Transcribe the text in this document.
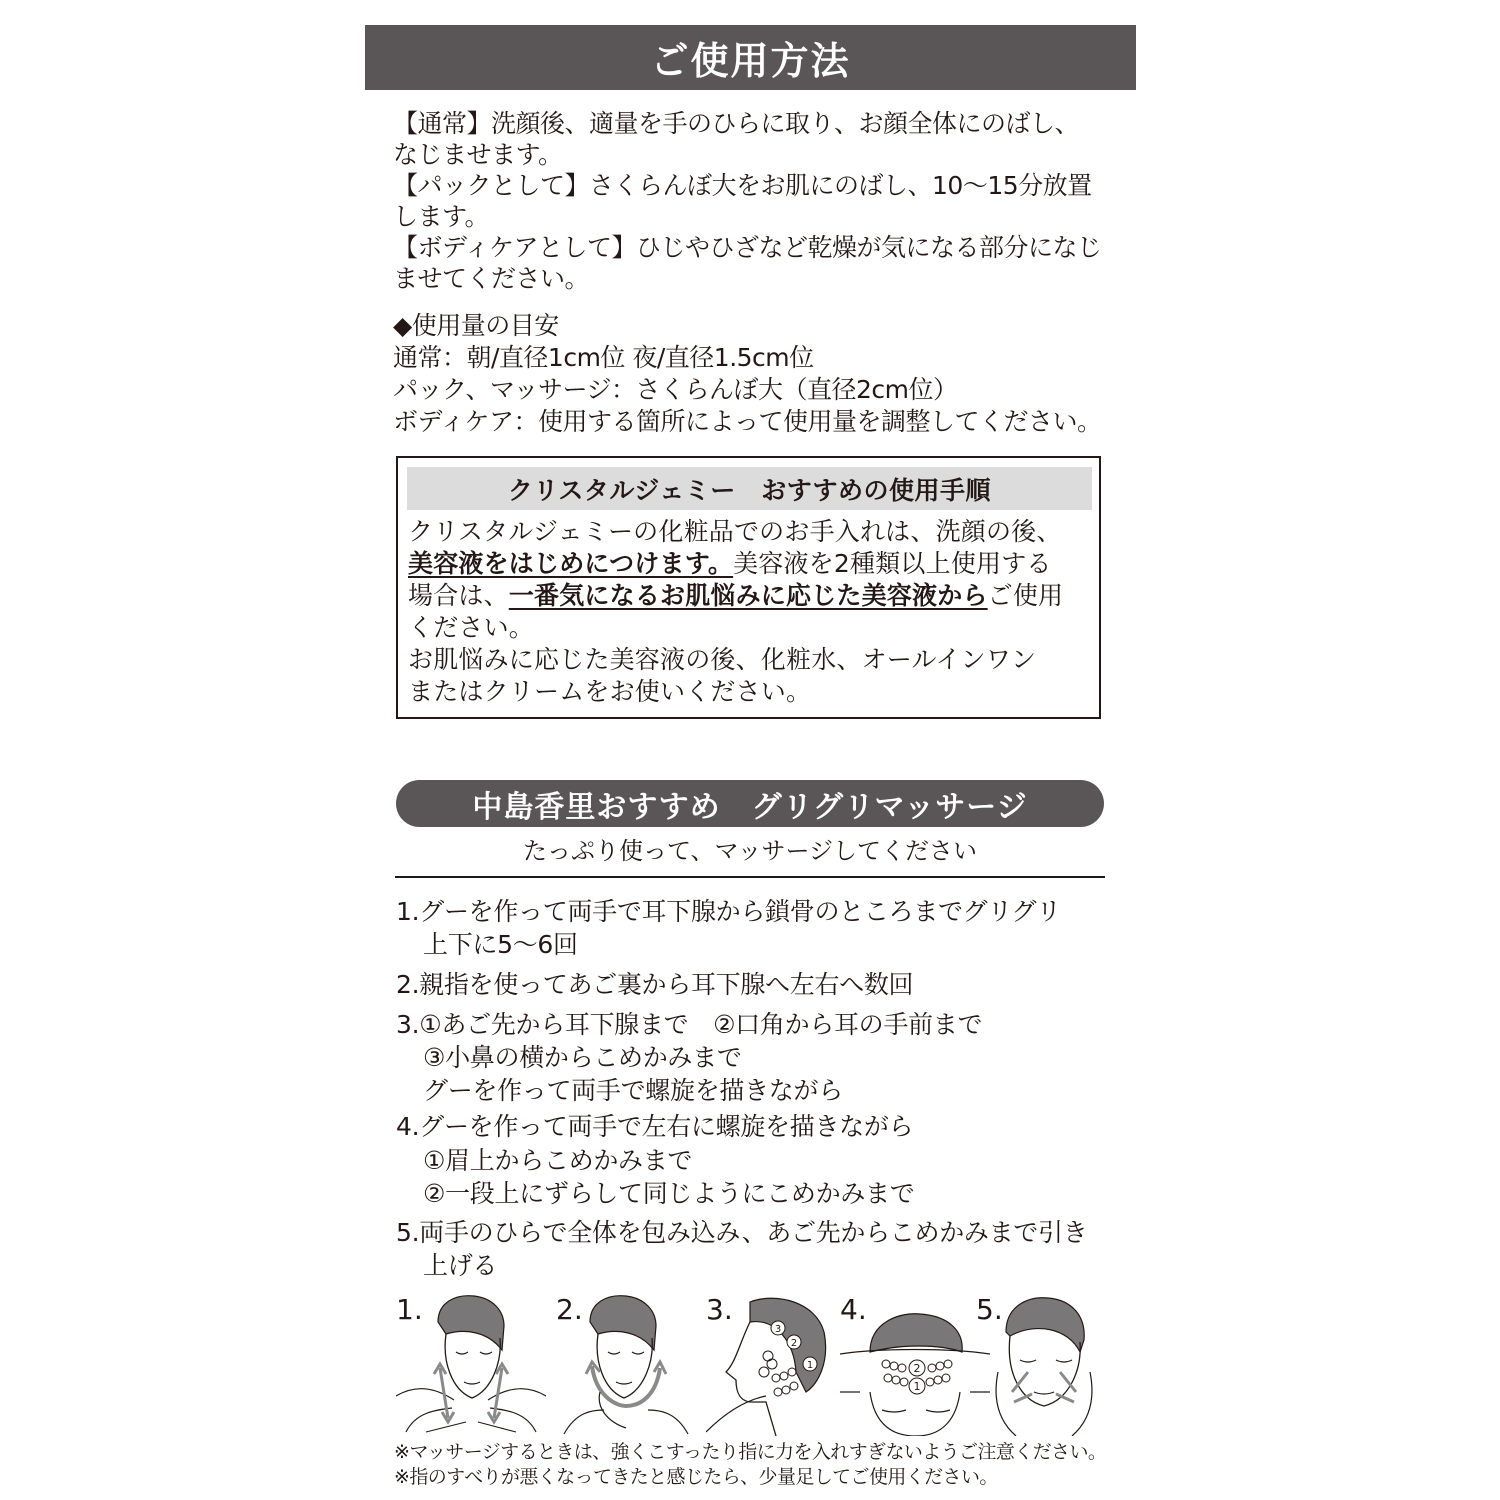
ご使用方法
【通常】洗顔後、適量を手のひらに取り、お顔全体にのばし、
なじませます。
【パックとして】さくらんぼ大をお肌にのばし、10〜15分放置
します。
【ボディケアとして】ひじやひざなど乾燥が気になる部分になじ
ませてください。
◆使用量の目安
通常：朝/直径1cm位 夜/直径1.5cm位
パック、マッサージ：さくらんぼ大（直径2cm位）
ボディケア：使用する箇所によって使用量を調整してください。
クリスタルジェミー　おすすめの使用手順
クリスタルジェミーの化粧品でのお手入れは、洗顔の後、
美容液をはじめにつけます。美容液を2種類以上使用する
場合は、一番気になるお肌悩みに応じた美容液からご使用
ください。
お肌悩みに応じた美容液の後、化粧水、オールインワン
またはクリームをお使いください。
中島香里おすすめ　グリグリマッサージ
たっぷり使って、マッサージしてください
1.グーを作って両手で耳下腺から鎖骨のところまでグリグリ
上下に5〜6回
2.親指を使ってあご裏から耳下腺へ左右へ数回
3.①あご先から耳下腺まで　②口角から耳の手前まで
③小鼻の横からこめかみまで
グーを作って両手で螺旋を描きながら
4.グーを作って両手で左右に螺旋を描きながら
①眉上からこめかみまで
②一段上にずらして同じようにこめかみまで
5.両手のひらで全体を包み込み、あご先からこめかみまで引き
上げる
1.	2.
3
2
1
3.
2
1
4.	5.
※マッサージするときは、強くこすったり指に力を入れすぎないようご注意ください。
※指のすべりが悪くなってきたと感じたら、少量足してご使用ください。
